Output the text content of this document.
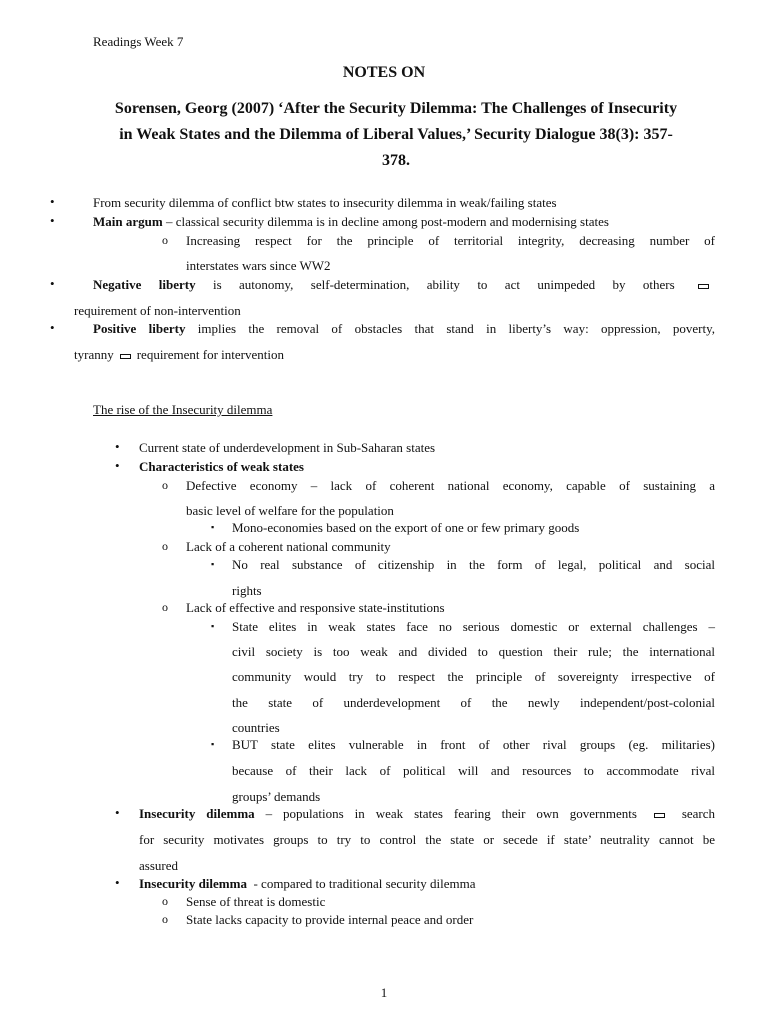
Readings Week 7
NOTES ON
Sorensen, Georg (2007) ‘After the Security Dilemma: The Challenges of Insecurity
in Weak States and the Dilemma of Liberal Values,’ Security Dialogue 38(3): 357-
378.
•	From security dilemma of conflict btw states to insecurity dilemma in weak/failing states
•	Main argum – classical security dilemma is in decline among post-modern and modernising states
o Increasing respect for the principle of territorial integrity, decreasing number of
interstates wars since WW2
•	Negative liberty is autonomy, self-determination, ability to act unimpeded by others
requirement of non-intervention
•	Positive liberty implies the removal of obstacles that stand in liberty’s way: oppression, poverty,
tyranny requirement for intervention
The rise of the Insecurity dilemma
• Current state of underdevelopment in Sub-Saharan states
• Characteristics of weak states
o Defective economy – lack of coherent national economy, capable of sustaining a
basic level of welfare for the population
▪ Mono-economies based on the export of one or few primary goods
o Lack of a coherent national community
▪ No real substance of citizenship in the form of legal, political and social
rights
o Lack of effective and responsive state-institutions
▪ State elites in weak states face no serious domestic or external challenges –
civil society is too weak and divided to question their rule; the international
community would try to respect the principle of sovereignty irrespective of
the state of underdevelopment of the newly independent/post-colonial
countries
▪ BUT state elites vulnerable in front of other rival groups (eg. militaries)
because of their lack of political will and resources to accommodate rival
groups’ demands
• Insecurity dilemma – populations in weak states fearing their own governments	search
for security motivates groups to try to control the state or secede if state’ neutrality cannot be
assured
• Insecurity dilemma  - compared to traditional security dilemma
o Sense of threat is domestic
o State lacks capacity to provide internal peace and order
1
